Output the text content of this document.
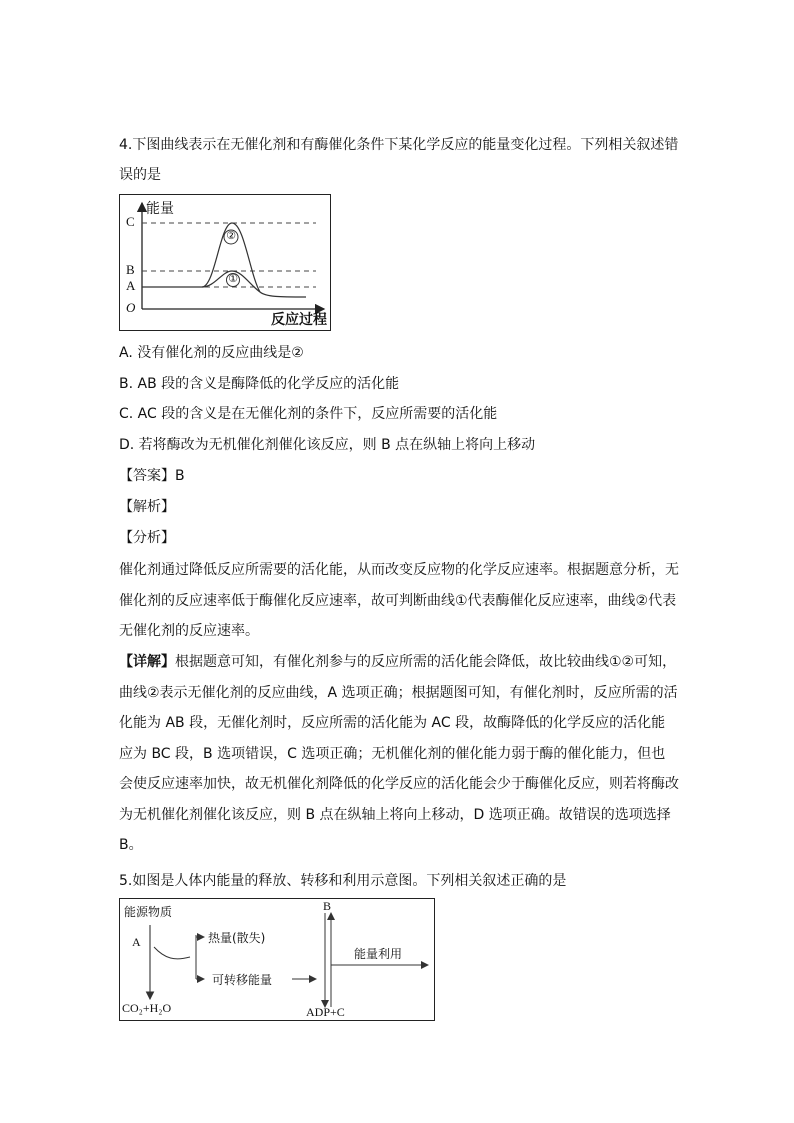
4.下图曲线表示在无催化剂和有酶催化条件下某化学反应的能量变化过程。下列相关叙述错
误的是
能量
反应过程
C
B
A
O
②
①
A. 没有催化剂的反应曲线是②
B. AB 段的含义是酶降低的化学反应的活化能
C. AC 段的含义是在无催化剂的条件下，反应所需要的活化能
D. 若将酶改为无机催化剂催化该反应，则 B 点在纵轴上将向上移动
【答案】B
【解析】
【分析】
催化剂通过降低反应所需要的活化能，从而改变反应物的化学反应速率。根据题意分析，无催化剂的反应速率低于酶催化反应速率，故可判断曲线①代表酶催化反应速率，曲线②代表无催化剂的反应速率。
【详解】根据题意可知，有催化剂参与的反应所需的活化能会降低，故比较曲线①②可知，曲线②表示无催化剂的反应曲线，A 选项正确；根据题图可知，有催化剂时，反应所需的活化能为 AB 段，无催化剂时，反应所需的活化能为 AC 段，故酶降低的化学反应的活化能应为 BC 段，B 选项错误，C 选项正确；无机催化剂的催化能力弱于酶的催化能力，但也会使反应速率加快，故无机催化剂降低的化学反应的活化能会少于酶催化反应，则若将酶改为无机催化剂催化该反应，则 B 点在纵轴上将向上移动，D 选项正确。故错误的选项选择 B。
5.如图是人体内能量的释放、转移和利用示意图。下列相关叙述正确的是
能源物质
A	热量(散失)
可转移能量
CO₂+H₂O
B
能量利用
ADP+C
